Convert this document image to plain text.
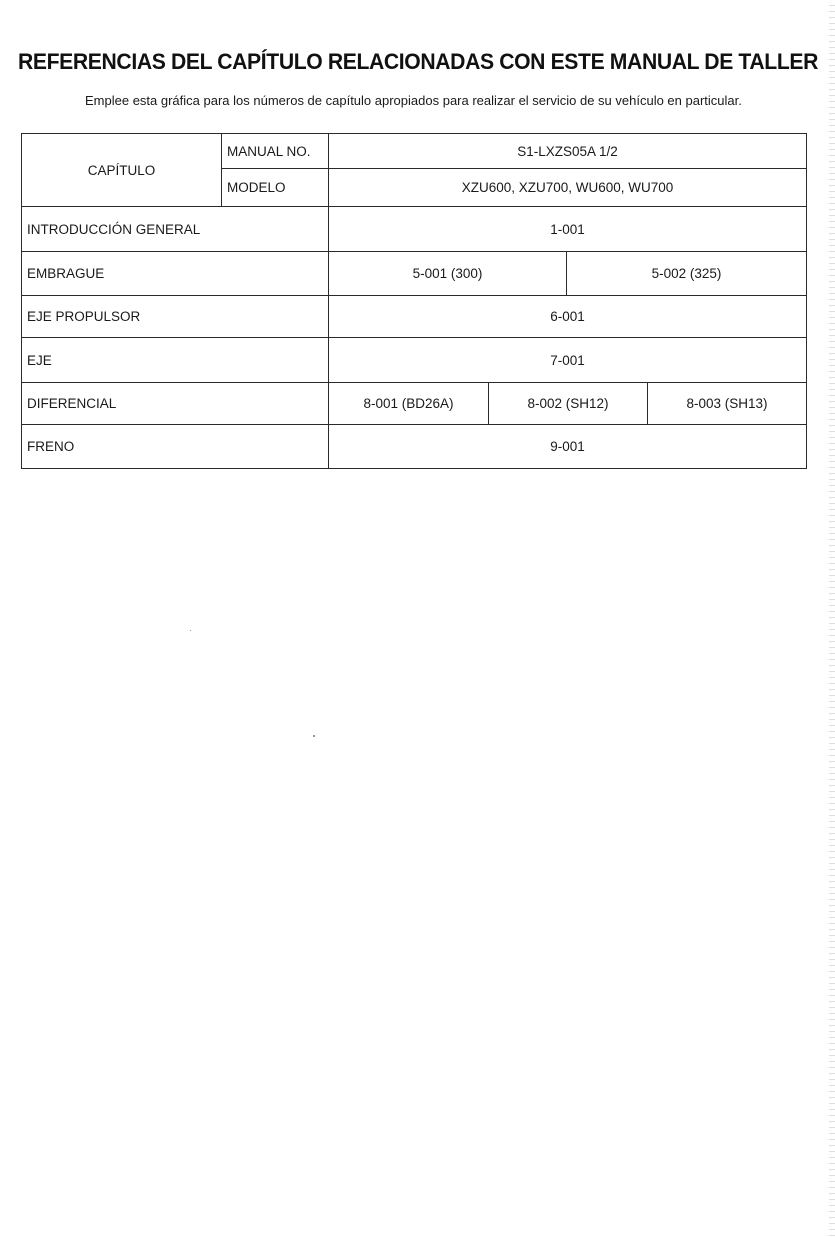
REFERENCIAS DEL CAPÍTULO RELACIONADAS CON ESTE MANUAL DE TALLER
Emplee esta gráfica para los números de capítulo apropiados para realizar el servicio de su vehículo en particular.
CAPÍTULO	MANUAL NO.	S1-LXZS05A 1/2			
	MODELO	XZU600, XZU700, WU600, WU700			
INTRODUCCIÓN GENERAL		1-001			
EMBRAGUE		5-001 (300)		5-002 (325)	
EJE PROPULSOR		6-001			
EJE		7-001			
DIFERENCIAL		8-001 (BD26A)	8-002 (SH12)		8-003 (SH13)
FRENO		9-001			
